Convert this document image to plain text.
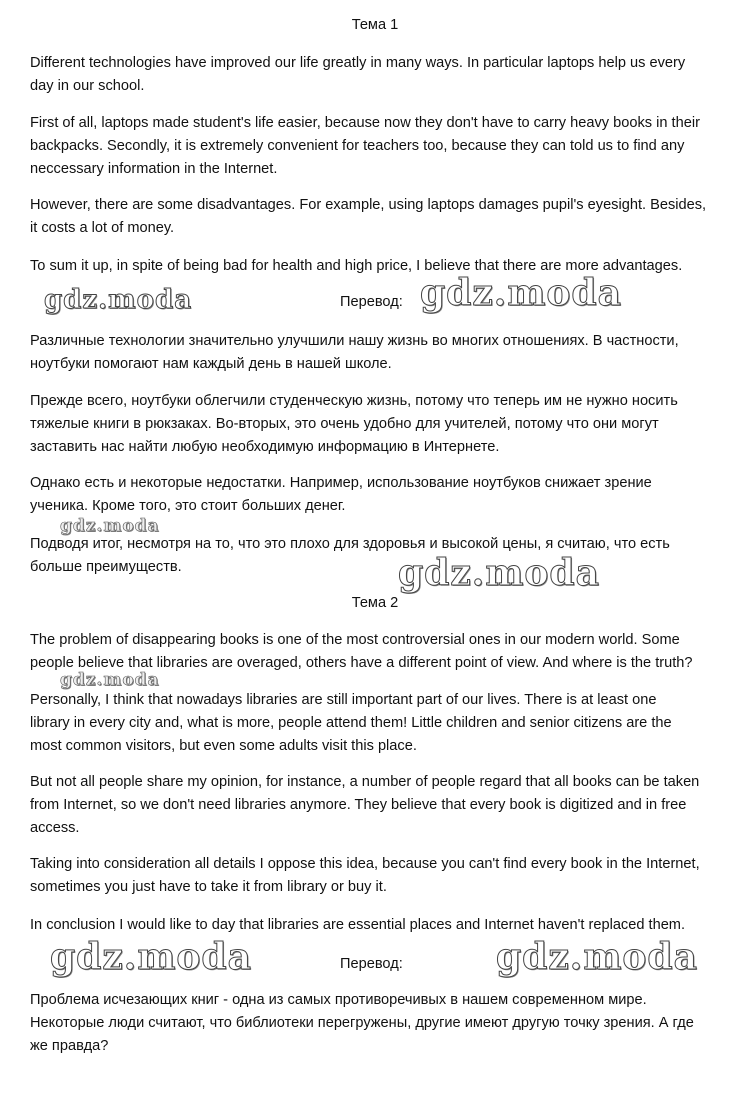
Тема 1

Different technologies have improved our life greatly in many ways. In particular laptops help us every
day in our school.

First of all, laptops made student's life easier, because now they don't have to carry heavy books in their
backpacks. Secondly, it is extremely convenient for teachers too, because they can told us to find any
neccessary information in the Internet.

However, there are some disadvantages. For example, using laptops damages pupil's eyesight. Besides,
it costs a lot of money.

To sum it up, in spite of being bad for health and high price, I believe that there are more advantages.

gdz.moda	Перевод: gdz.moda

Различные технологии значительно улучшили нашу жизнь во многих отношениях. В частности,
ноутбуки помогают нам каждый день в нашей школе.

Прежде всего, ноутбуки облегчили студенческую жизнь, потому что теперь им не нужно носить
тяжелые книги в рюкзаках. Во-вторых, это очень удобно для учителей, потому что они могут
заставить нас найти любую необходимую информацию в Интернете.

Однако есть и некоторые недостатки. Например, использование ноутбуков снижает зрение
ученика. Кроме того, это стоит больших денег.

gdz.moda

Подводя итог, несмотря на то, что это плохо для здоровья и высокой цены, я считаю, что есть
больше преимуществ.	gdz.moda

Тема 2

The problem of disappearing books is one of the most controversial ones in our modern world. Some
people believe that libraries are overaged, others have a different point of view. And where is the truth?

gdz.moda

Personally, I think that nowadays libraries are still important part of our lives. There is at least one
library in every city and, what is more, people attend them! Little children and senior citizens are the
most common visitors, but even some adults visit this place.

But not all people share my opinion, for instance, a number of people regard that all books can be taken
from Internet, so we don't need libraries anymore. They believe that every book is digitized and in free
access.

Taking into consideration all details I oppose this idea, because you can't find every book in the Internet,
sometimes you just have to take it from library or buy it.

In conclusion I would like to day that libraries are essential places and Internet haven't replaced them.

gdz.moda	Перевод:	gdz.moda

Проблема исчезающих книг - одна из самых противоречивых в нашем современном мире.
Некоторые люди считают, что библиотеки перегружены, другие имеют другую точку зрения. А где
же правда?
